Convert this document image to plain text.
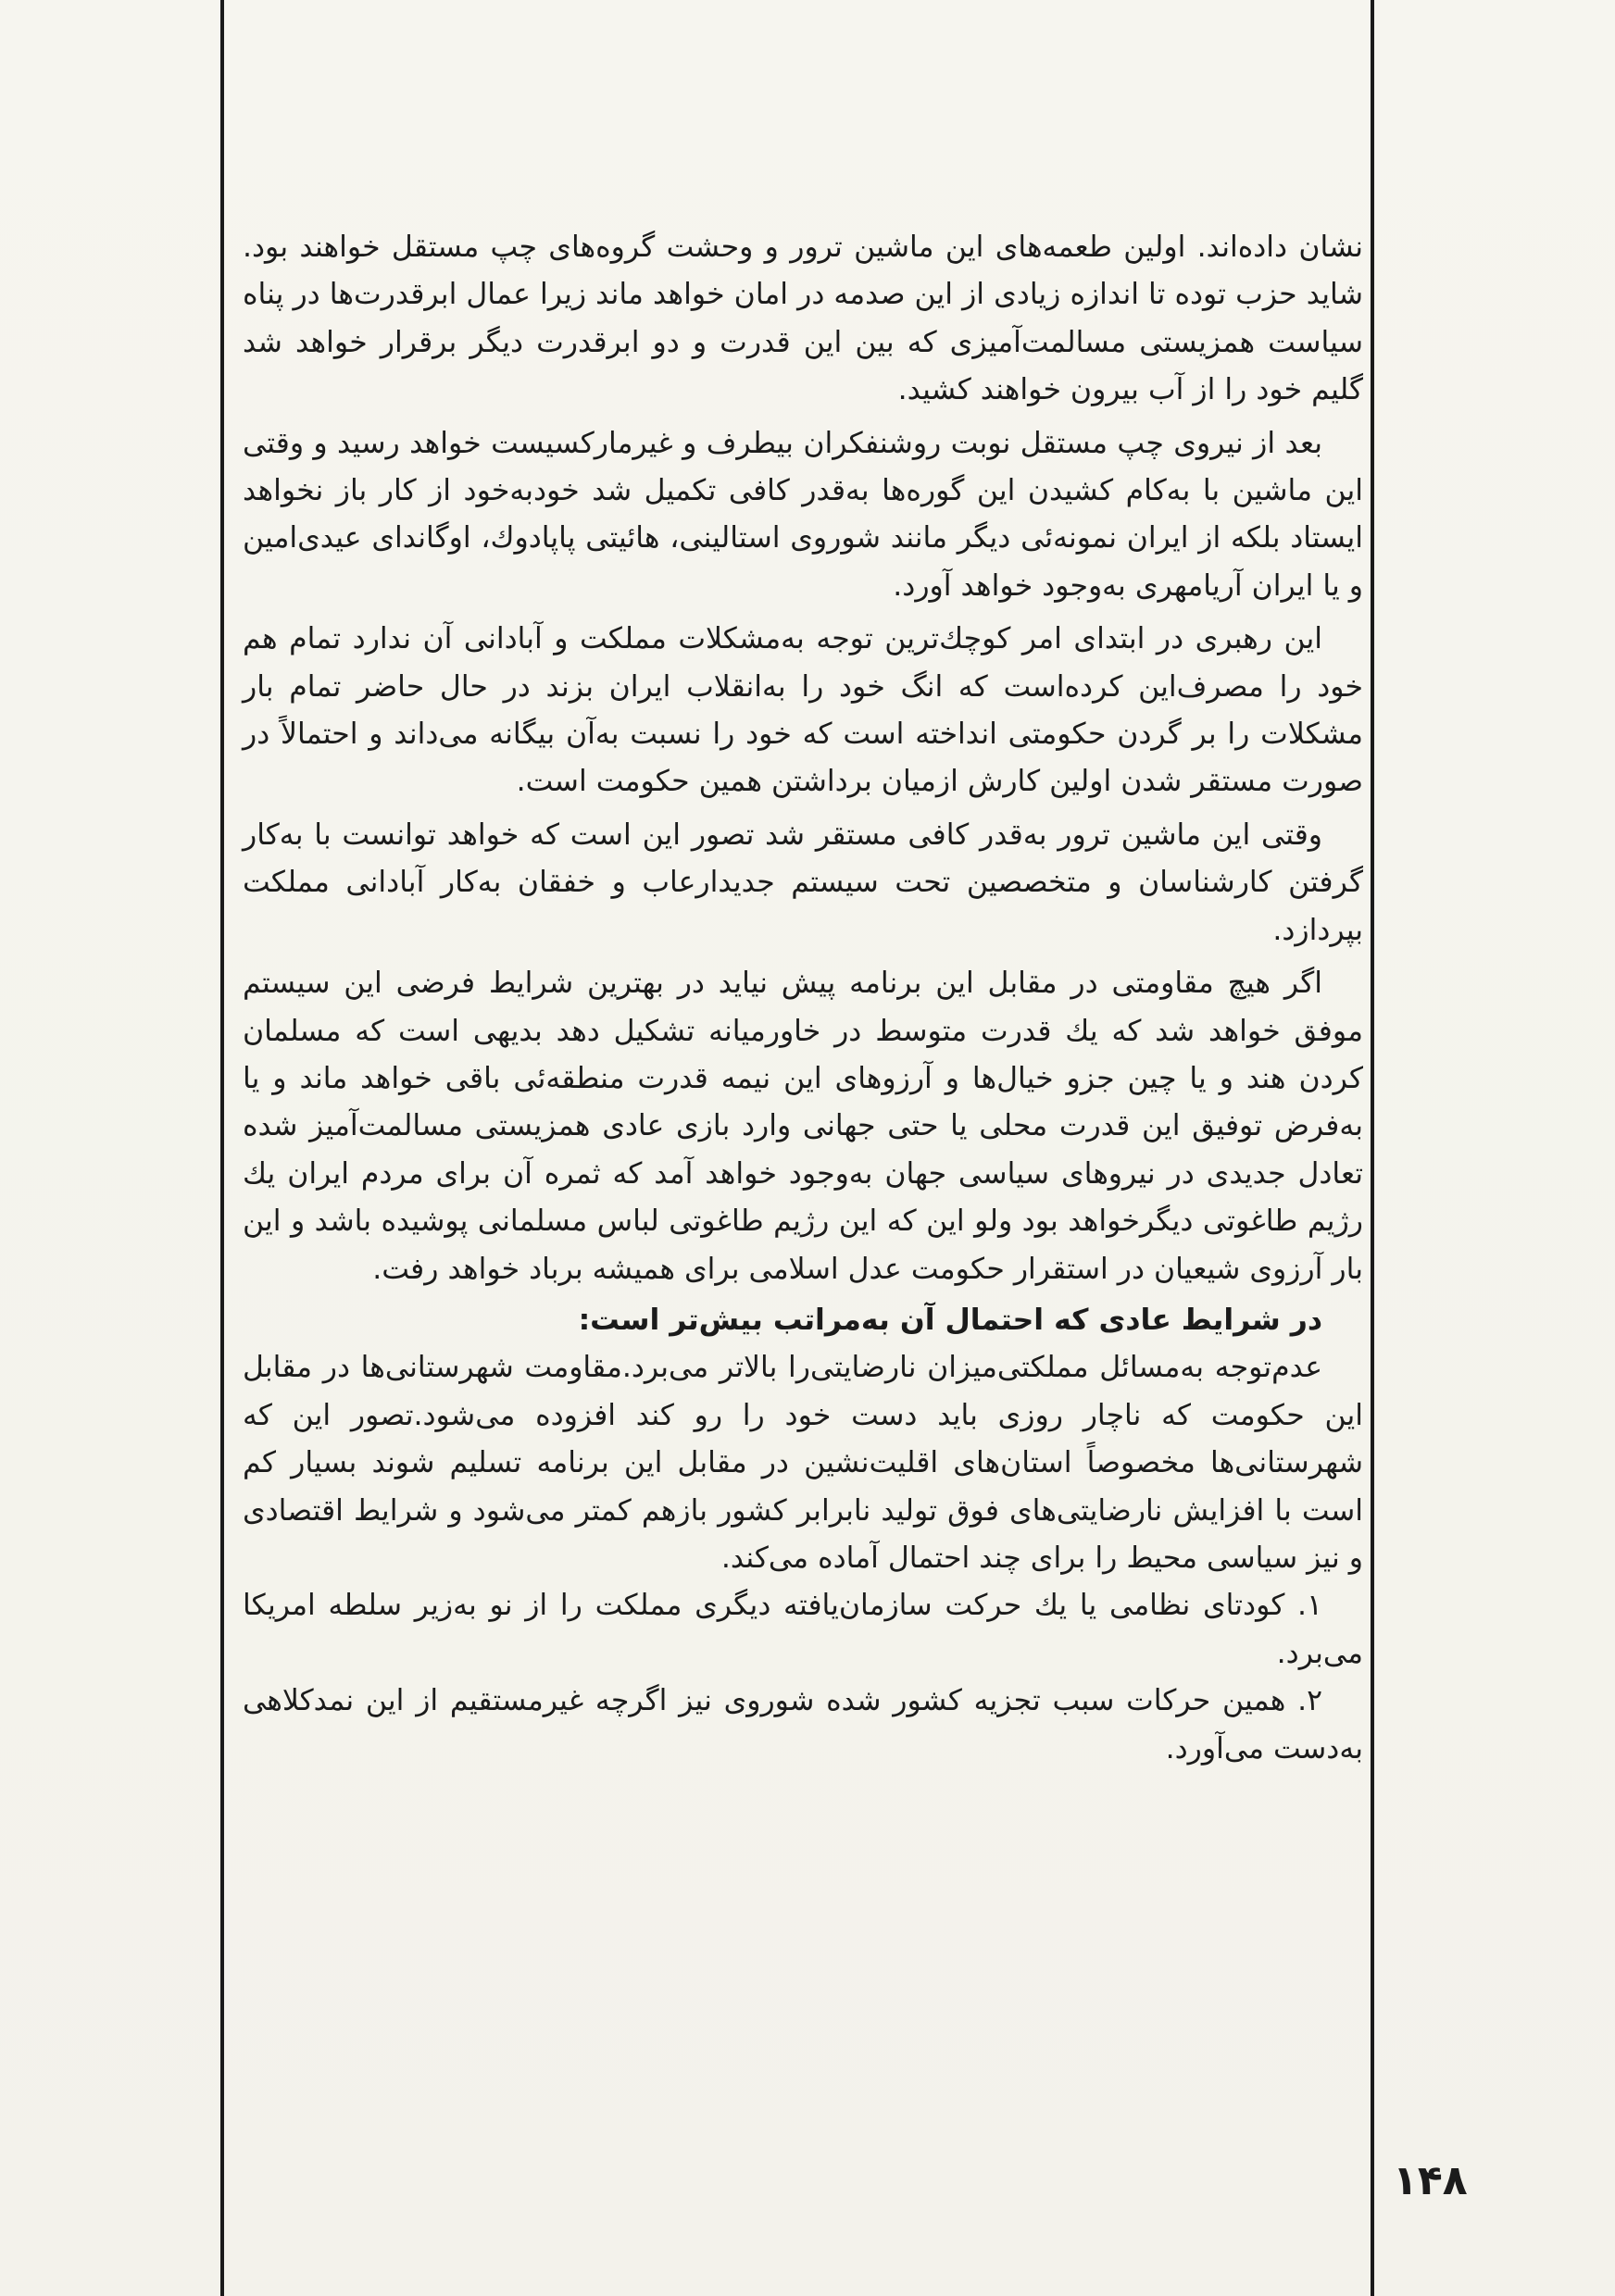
نشان داده‌اند. اولین طعمه‌های این ماشین ترور و وحشت گروه‌های چپ مستقل خواهند بود. شاید حزب توده تا اندازه زیادی از این صدمه در امان خواهد ماند زیرا عمال ابرقدرت‌ها در پناه سیاست همزیستی مسالمت‌آمیزی که بین این قدرت و دو ابرقدرت دیگر برقرار خواهد شد گلیم خود را از آب بیرون خواهند کشید.

بعد از نیروی چپ مستقل نوبت روشنفکران بیطرف و غیرمارکسیست خواهد رسید و وقتی این ماشین با به‌کام کشیدن این گوره‌ها به‌قدر کافی تکمیل شد خودبه‌خود از کار باز نخواهد ایستاد بلکه از ایران نمونه‌ئی دیگر مانند شوروی استالینی، هائیتی پاپادوك، اوگاندای عیدی‌امین و یا ایران آریامهری به‌وجود خواهد آورد.

این رهبری در ابتدای امر کوچك‌ترین توجه به‌مشکلات مملکت و آبادانی آن ندارد تمام هم خود را مصرف‌این کرده‌است که انگ خود را به‌انقلاب ایران بزند در حال حاضر تمام بار مشکلات را بر گردن حکومتی انداخته است که خود را نسبت به‌آن بیگانه می‌داند و احتمالاً در صورت مستقر شدن اولین کارش ازمیان برداشتن همین حکومت است.

وقتی این ماشین ترور به‌قدر کافی مستقر شد تصور این است که خواهد توانست با به‌کار گرفتن کارشناسان و متخصصین تحت سیستم جدیدارعاب و خفقان به‌کار آبادانی مملکت بپردازد.

اگر هیچ مقاومتی در مقابل این برنامه پیش نیاید در بهترین شرایط فرضی این سیستم موفق خواهد شد که یك قدرت متوسط در خاورمیانه تشکیل دهد بدیهی است که مسلمان کردن هند و یا چین جزو خیال‌ها و آرزوهای این نیمه قدرت منطقه‌ئی باقی خواهد ماند و یا به‌فرض توفیق این قدرت محلی یا حتی جهانی وارد بازی عادی همزیستی مسالمت‌آمیز شده تعادل جدیدی در نیروهای سیاسی جهان به‌وجود خواهد آمد که ثمره آن برای مردم ایران یك رژیم طاغوتی دیگرخواهد بود ولو این که این رژیم طاغوتی لباس مسلمانی پوشیده باشد و این بار آرزوی شیعیان در استقرار حکومت عدل اسلامی برای همیشه برباد خواهد رفت.

در شرایط عادی که احتمال آن به‌مراتب بیش‌تر است:

عدم‌توجه به‌مسائل مملکتی‌میزان نارضایتی‌را بالاتر می‌برد.مقاومت شهرستانی‌ها در مقابل این حکومت که ناچار روزی باید دست خود را رو کند افزوده می‌شود.تصور این که شهرستانی‌ها مخصوصاً استان‌های اقلیت‌نشین در مقابل این برنامه تسلیم شوند بسیار کم است با افزایش نارضایتی‌های فوق تولید نابرابر کشور بازهم کمتر می‌شود و شرایط اقتصادی و نیز سیاسی محیط را برای چند احتمال آماده می‌کند.

۱. کودتای نظامی یا یك حرکت سازمان‌یافته دیگری مملکت را از نو به‌زیر سلطه امریکا می‌برد.

۲. همین حرکات سبب تجزیه کشور شده شوروی نیز اگرچه غیرمستقیم از این نمدکلاهی به‌دست می‌آورد.

۱۴۸
